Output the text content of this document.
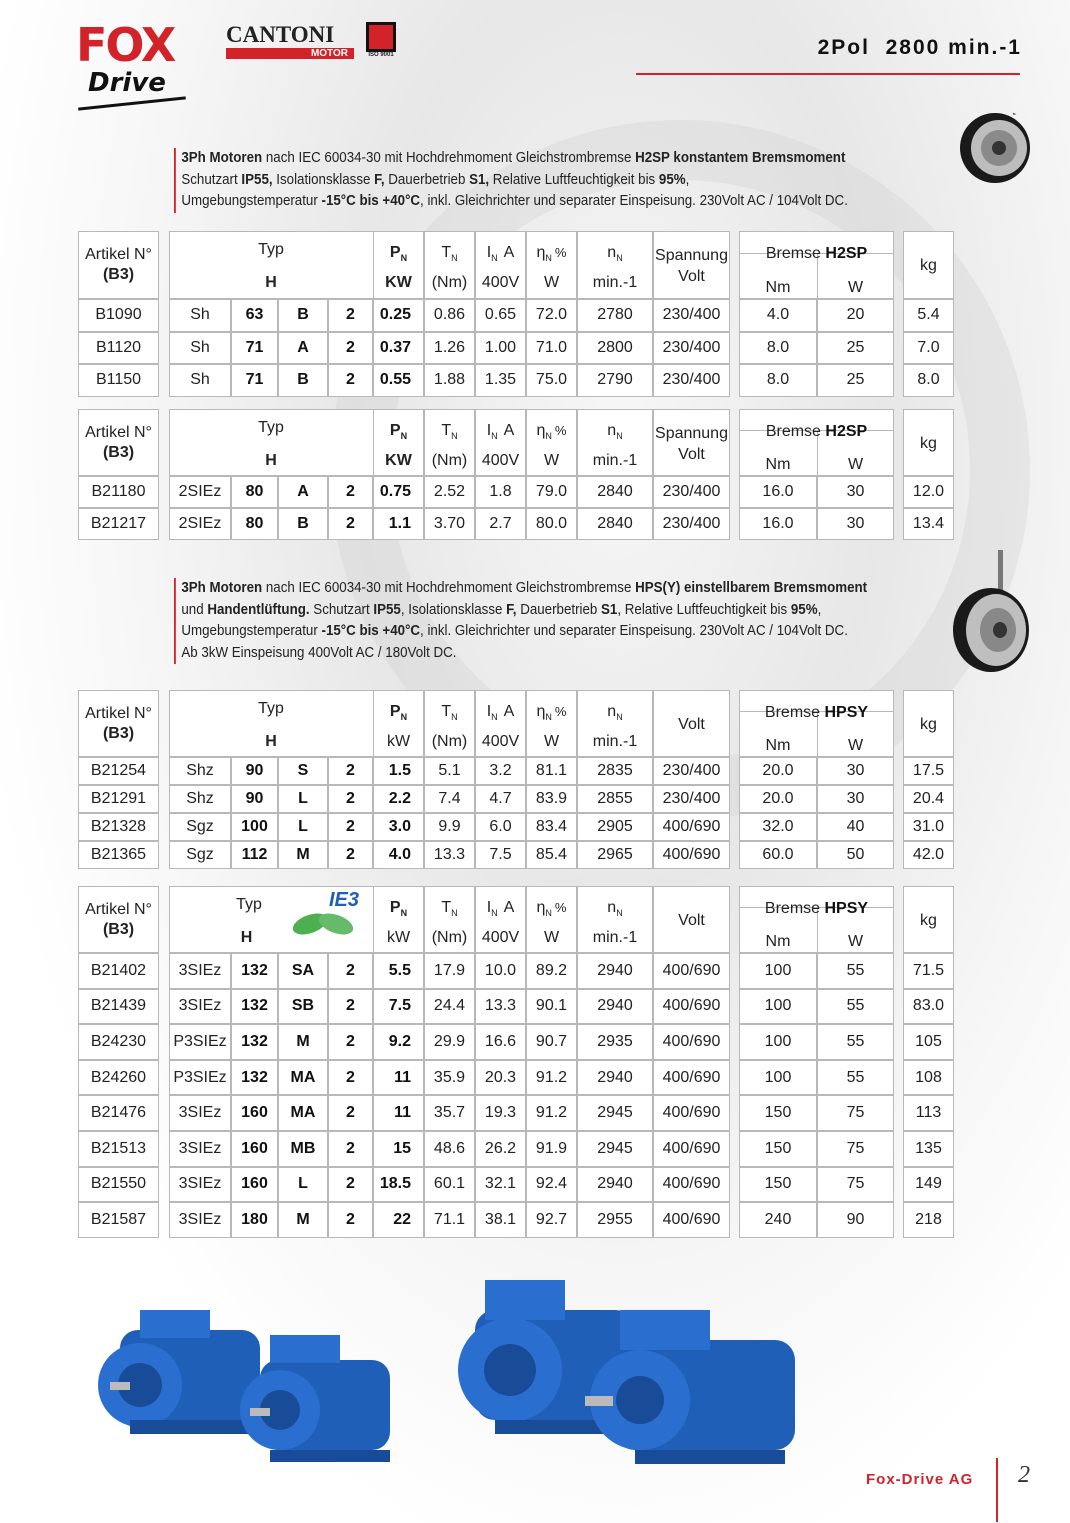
FOX
Drive
CANTONI
MOTOR	ISO 9001	2Pol  2800 min.-1
3Ph Motoren nach IEC 60034-30 mit Hochdrehmoment Gleichstrombremse H2SP konstantem Bremsmoment
Schutzart IP55, Isolationsklasse F, Dauerbetrieb S1, Relative Luftfeuchtigkeit bis 95%,
Umgebungstemperatur -15°C bis +40°C, inkl. Gleichrichter und separater Einspeisung. 230Volt AC / 104Volt DC.
3Ph Motoren nach IEC 60034-30 mit Hochdrehmoment Gleichstrombremse HPS(Y) einstellbarem Bremsmoment
und Handentlüftung. Schutzart IP55, Isolationsklasse F, Dauerbetrieb S1, Relative Luftfeuchtigkeit bis 95%,
Umgebungstemperatur -15°C bis +40°C, inkl. Gleichrichter und separater Einspeisung. 230Volt AC / 104Volt DC.
Ab 3kW Einspeisung 400Volt AC / 180Volt DC.
Artikel N°
(B3)
Typ
H
$P_N$
KW
$T_N$
(Nm)
$I_N$ A
400V
$\eta_N$ %
W
$n_N$
min.-1
Spannung
Volt
Bremse H2SP
Nm	W
kg
B1090	Sh	63	B	2	0.25	0.86	0.65	72.0	2780	230/400	4.0	20	5.4
B1120	Sh	71	A	2	0.37	1.26	1.00	71.0	2800	230/400	8.0	25	7.0
B1150	Sh	71	B	2	0.55	1.88	1.35	75.0	2790	230/400	8.0	25	8.0
Artikel N°
(B3)
Typ
H
$P_N$
KW
$T_N$
(Nm)
$I_N$ A
400V
$\eta_N$ %
W
$n_N$
min.-1
Spannung
Volt
Bremse H2SP
Nm	W
kg
B21180	2SIEz	80	A	2	0.75	2.52	1.8	79.0	2840	230/400	16.0	30	12.0
B21217	2SIEz	80	B	2	1.1	3.70	2.7	80.0	2840	230/400	16.0	30	13.4
Artikel N°
(B3)
Typ
H
$P_N$
kW
$T_N$
(Nm)
$I_N$ A
400V
$\eta_N$ %
W
$n_N$
min.-1
Volt
Bremse HPSY
Nm	W
kg
B21254	Shz	90	S	2	1.5	5.1	3.2	81.1	2835	230/400	20.0	30	17.5
B21291	Shz	90	L	2	2.2	7.4	4.7	83.9	2855	230/400	20.0	30	20.4
B21328	Sgz	100	L	2	3.0	9.9	6.0	83.4	2905	400/690	32.0	40	31.0
B21365	Sgz	112	M	2	4.0	13.3	7.5	85.4	2965	400/690	60.0	50	42.0
Artikel N°
(B3)
Typ
H
IE3	$P_N$
kW
$T_N$
(Nm)
$I_N$ A
400V
$\eta_N$ %
W
$n_N$
min.-1
Volt
Bremse HPSY
Nm	W
kg
B21402	3SIEz	132	SA	2	5.5	17.9	10.0	89.2	2940	400/690	100	55	71.5
B21439	3SIEz	132	SB	2	7.5	24.4	13.3	90.1	2940	400/690	100	55	83.0
B24230	P3SIEz 132	M	2	9.2	29.9	16.6	90.7	2935	400/690	100	55	105
B24260	P3SIEz 132	MA	2	11	35.9	20.3	91.2	2940	400/690	100	55	108
B21476	3SIEz	160	MA	2	11	35.7	19.3	91.2	2945	400/690	150	75	113
B21513	3SIEz	160	MB	2	15	48.6	26.2	91.9	2945	400/690	150	75	135
B21550	3SIEz	160	L	2	18.5	60.1	32.1	92.4	2940	400/690	150	75	149
B21587	3SIEz	180	M	2	22	71.1	38.1	92.7	2955	400/690	240	90	218
Fox-Drive AG 2
